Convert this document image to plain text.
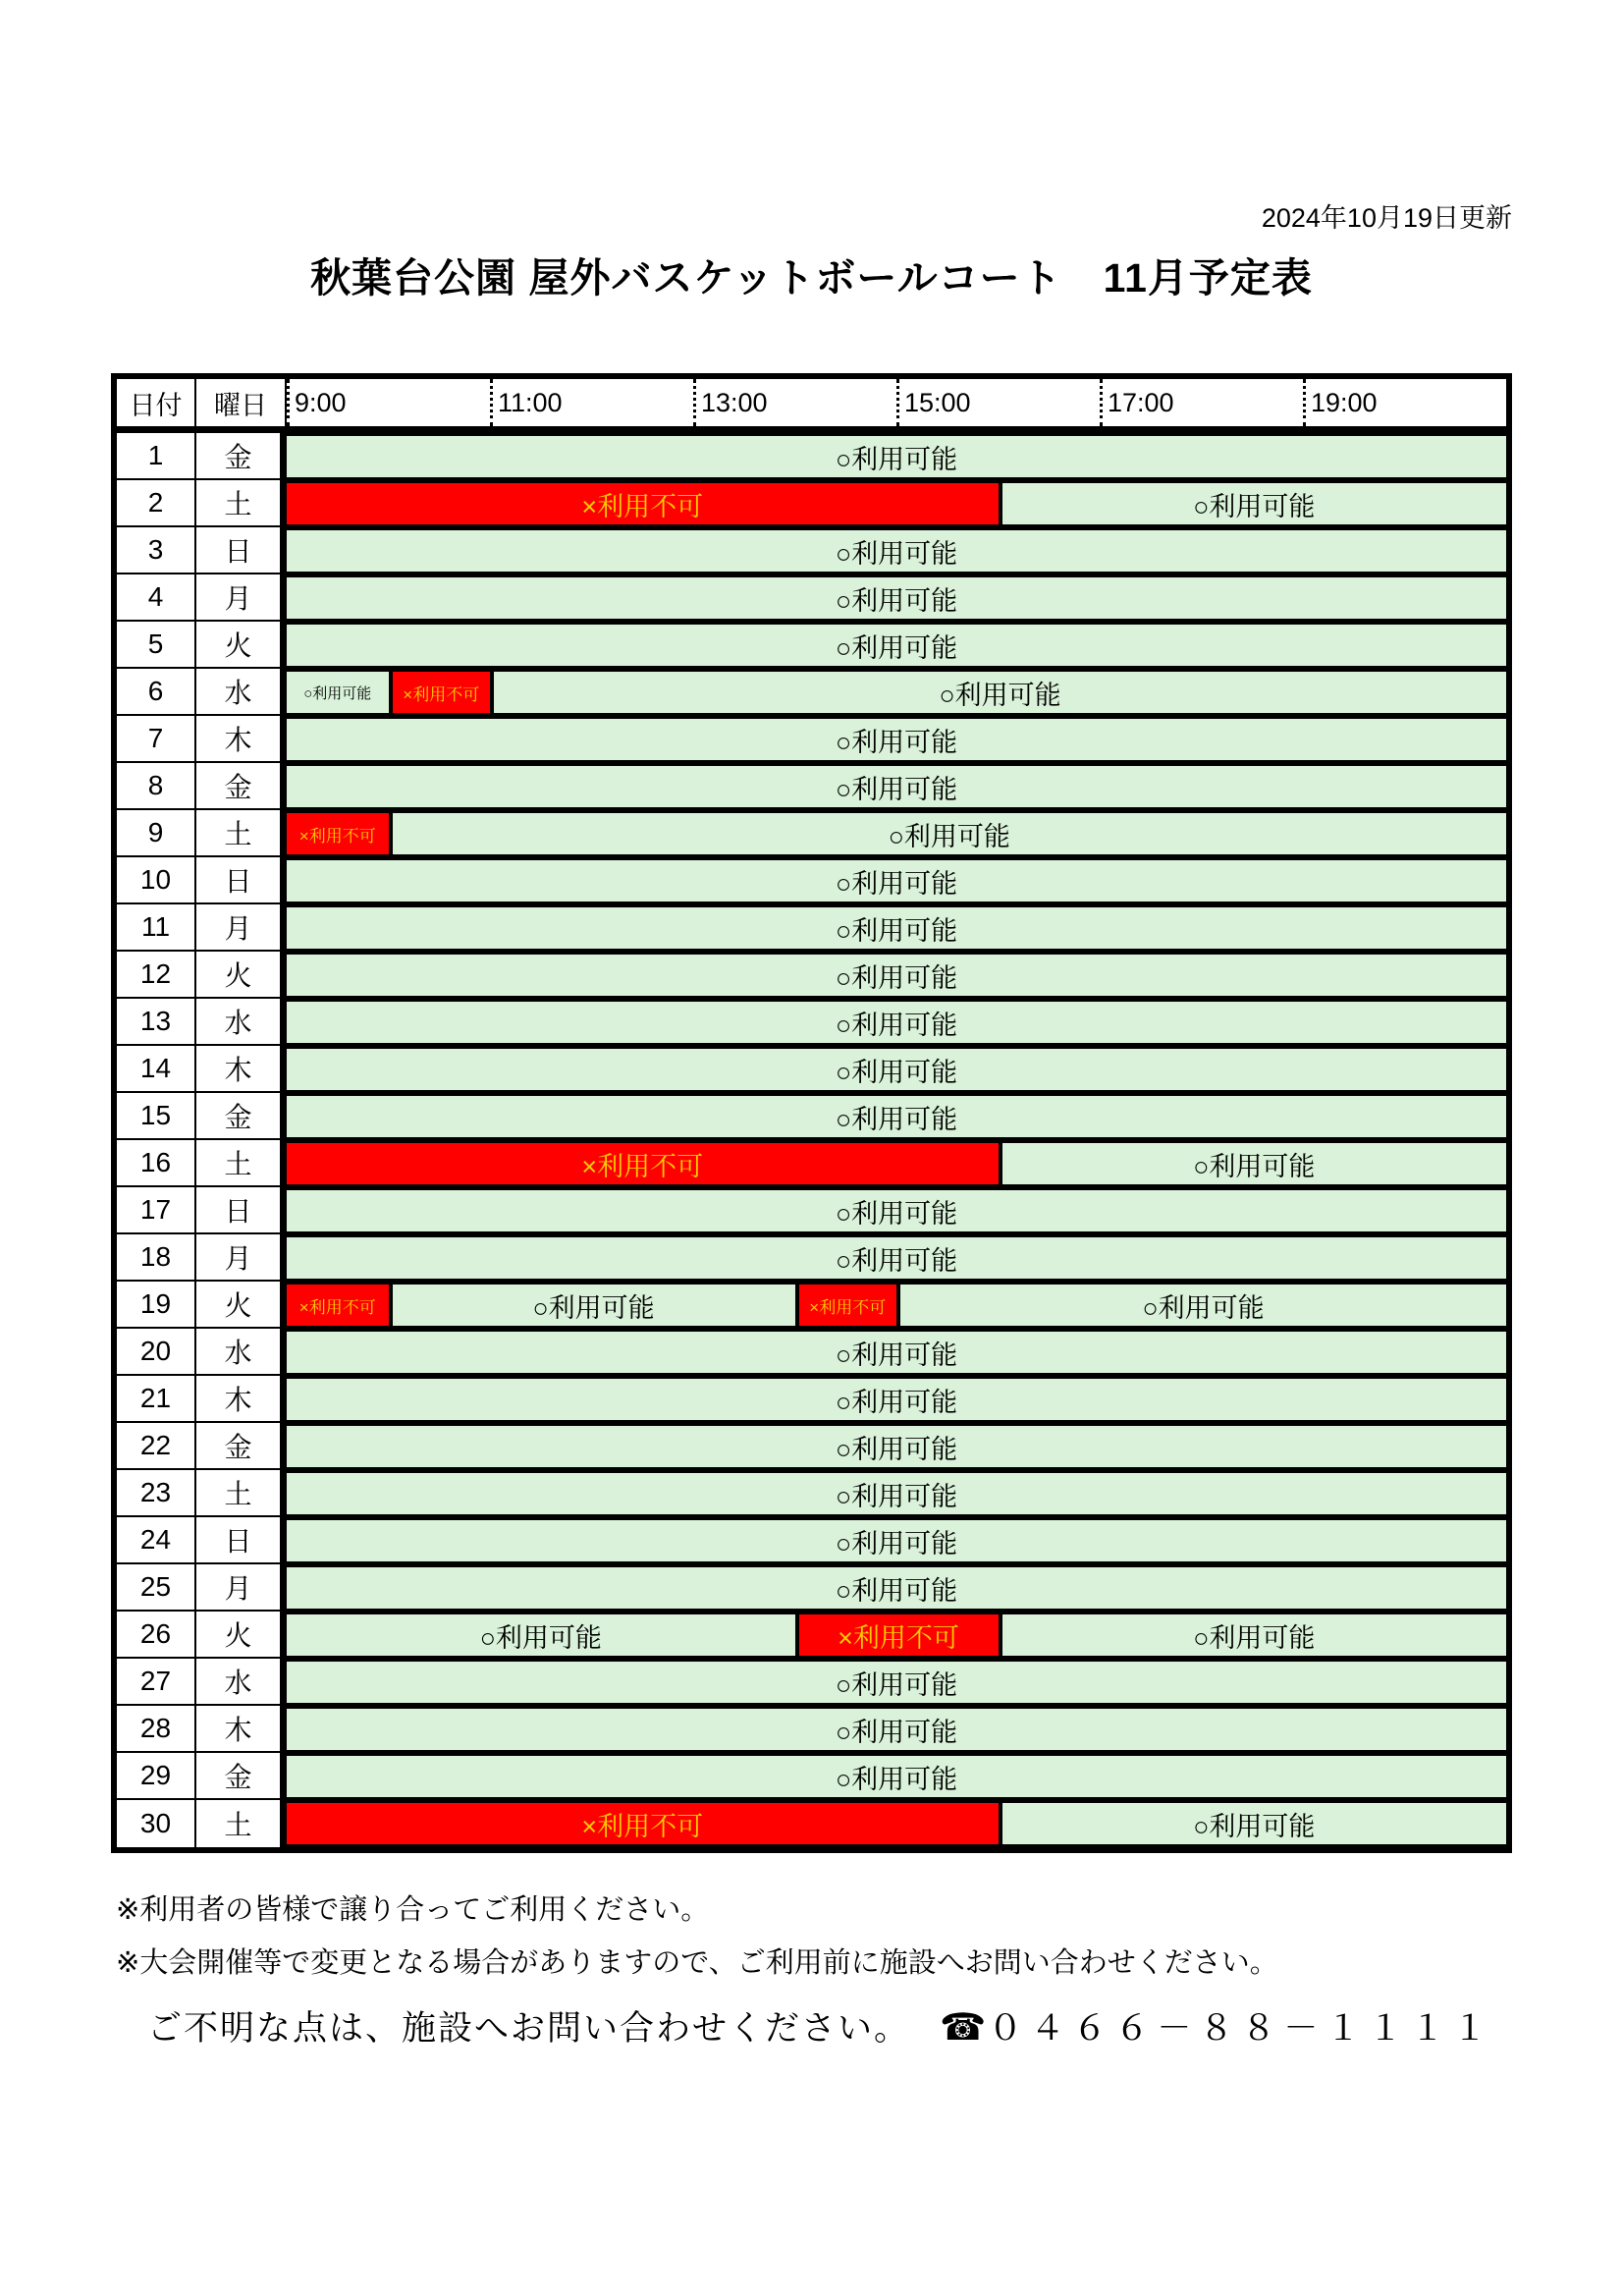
2024年10月19日更新
秋葉台公園 屋外バスケットボールコート　11月予定表
日付	曜日	9:00	11:00	13:00	15:00	17:00	19:00
1	金	○利用可能
2	土	×利用不可	○利用可能
3	日	○利用可能
4	月	○利用可能
5	火	○利用可能
6	水	○利用可能	×利用不可	○利用可能
7	木	○利用可能
8	金	○利用可能
9	土	×利用不可	○利用可能
10	日	○利用可能
11	月	○利用可能
12	火	○利用可能
13	水	○利用可能
14	木	○利用可能
15	金	○利用可能
16	土	×利用不可	○利用可能
17	日	○利用可能
18	月	○利用可能
19	火	×利用不可	○利用可能	×利用不可	○利用可能
20	水	○利用可能
21	木	○利用可能
22	金	○利用可能
23	土	○利用可能
24	日	○利用可能
25	月	○利用可能
26	火	○利用可能	×利用不可	○利用可能
27	水	○利用可能
28	木	○利用可能
29	金	○利用可能
30	土	×利用不可	○利用可能
※利用者の皆様で譲り合ってご利用ください。
※大会開催等で変更となる場合がありますので、ご利用前に施設へお問い合わせください。
ご不明な点は、施設へお問い合わせください。 ☎０４６６－８８－１１１１
